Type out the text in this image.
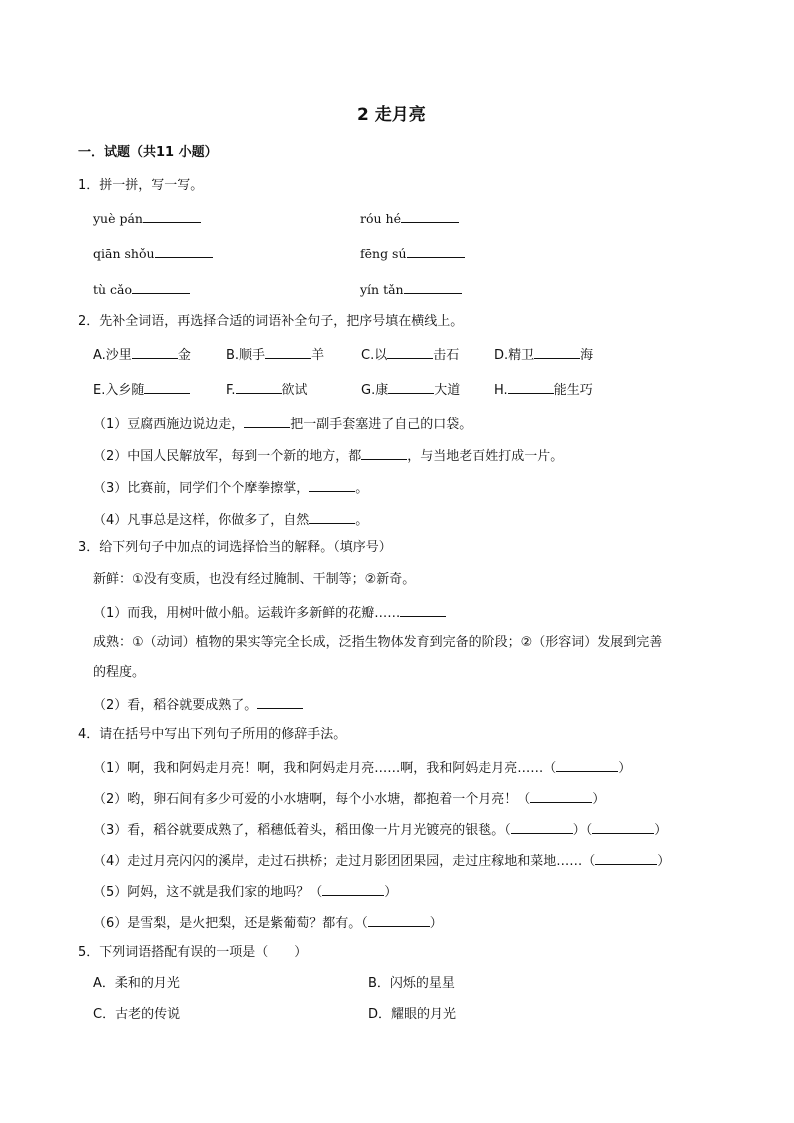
2 走月亮
一．试题（共11 小题）
1．拼一拼，写一写。
yuè pán	róu hé
qiān shǒu	fēng sú
tù cǎo	yín tǎn
2．先补全词语，再选择合适的词语补全句子，把序号填在横线上。
A.沙里	金	B.顺手	羊	C.以	击石	D.精卫	海
E.入乡随	F.	欲试	G.康	大道	H.	能生巧
（1）豆腐西施边说边走，	把一副手套塞进了自己的口袋。
（2）中国人民解放军，每到一个新的地方，都	，与当地老百姓打成一片。
（3）比赛前，同学们个个摩拳擦掌，	。
（4）凡事总是这样，你做多了，自然	。
3．给下列句子中加点的词选择恰当的解释。（填序号）
新鲜：①没有变质，也没有经过腌制、干制等；②新奇。
（1）而我，用树叶做小船。运载许多新鲜的花瓣……
成熟：①（动词）植物的果实等完全长成，泛指生物体发育到完备的阶段；②（形容词）发展到完善
的程度。
（2）看，稻谷就要成熟了。
4．请在括号中写出下列句子所用的修辞手法。
（1）啊，我和阿妈走月亮！啊，我和阿妈走月亮……啊，我和阿妈走月亮……（	）
（2）哟，卵石间有多少可爱的小水塘啊，每个小水塘，都抱着一个月亮！（	）
（3）看，稻谷就要成熟了，稻穗低着头，稻田像一片月光镀亮的银毯。（	）（	）
（4）走过月亮闪闪的溪岸，走过石拱桥；走过月影团团果园，走过庄稼地和菜地……（	）
（5）阿妈，这不就是我们家的地吗？（	）
（6）是雪梨，是火把梨，还是紫葡萄？都有。（	）
5．下列词语搭配有误的一项是（　　）
A．柔和的月光	B．闪烁的星星
C．古老的传说	D．耀眼的月光
